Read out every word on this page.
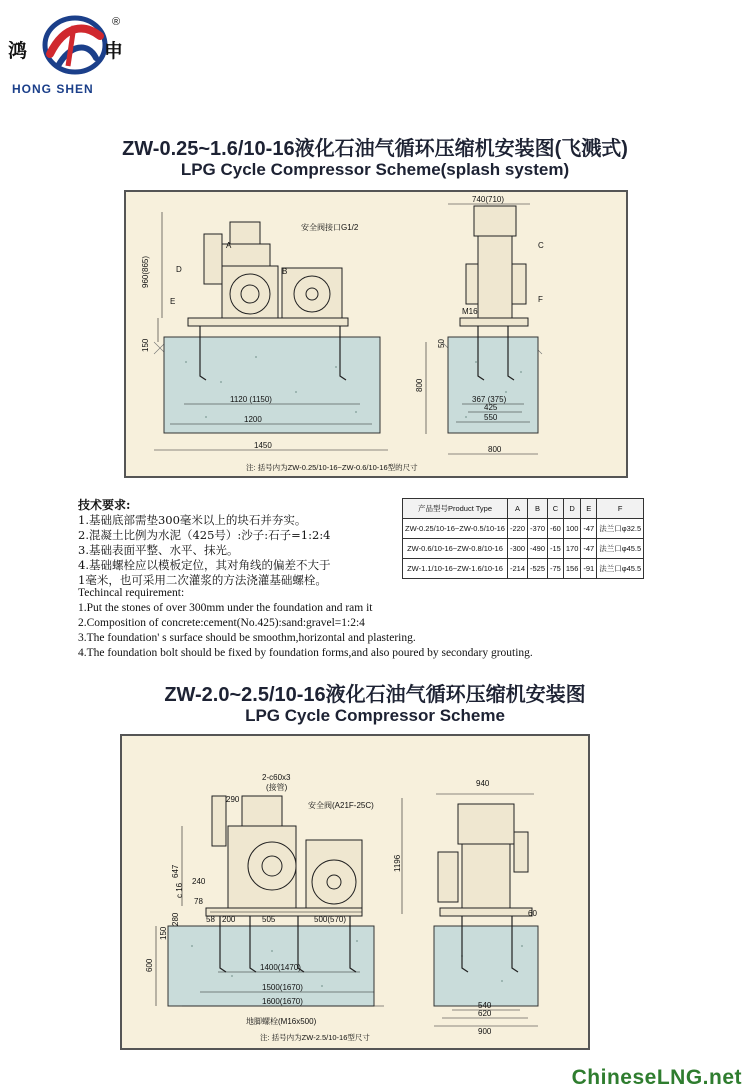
鸿	申
®
HONG SHEN
ZW-0.25~1.6/10-16液化石油气循环压缩机安装图(飞溅式)
LPG Cycle Compressor Scheme(splash system)
960(865)
安全阀接口G1/2
150
1120 (1150)
1200
1450
740(710)
M16
50
800
367 (375)
425
550
800
A
B
C
D
E	F
注: 括号内为ZW-0.25/10-16~ZW-0.6/10-16型的尺寸
技术要求:
1.基础底部需垫300毫米以上的块石并夯实。
2.混凝土比例为水泥（425号）:沙子:石子=1:2:4
3.基础表面平整、水平、抹光。
4.基础螺栓应以模板定位，其对角线的偏差不大于
1毫米，也可采用二次灌浆的方法浇灌基础螺栓。
Techincal requirement:
1.Put the stones of over 300mm under the foundation and ram it
2.Composition of concrete:cement(No.425):sand:gravel=1:2:4
3.The foundation' s surface should be smoothm,horizontal and plastering.
4.The foundation bolt should be fixed by foundation forms,and also poured by secondary grouting.
产品型号Product Type	A	B	C	D	E	F
ZW-0.25/10-16~ZW-0.5/10-16	-220	-370	-60	100	-47	法兰口φ32.5
ZW-0.6/10-16~ZW-0.8/10-16	-300	-490	-15	170	-47	法兰口φ45.5
ZW-1.1/10-16~ZW-1.6/10-16	-214	-525	-75	156	-91	法兰口φ45.5
ZW-2.0~2.5/10-16液化石油气循环压缩机安装图
LPG Cycle Compressor Scheme
2-c60x3
(接管)
290
安全阀(A21F-25C)
940
1196
647
240
c 16
280
78
58 200	505	500(570)
60
150
600	1400(1470)
1500(1670)
1600(1670)
地脚螺栓(M16x500)
540
620
900
注: 括号内为ZW-2.5/10-16型尺寸
ChineseLNG.net
